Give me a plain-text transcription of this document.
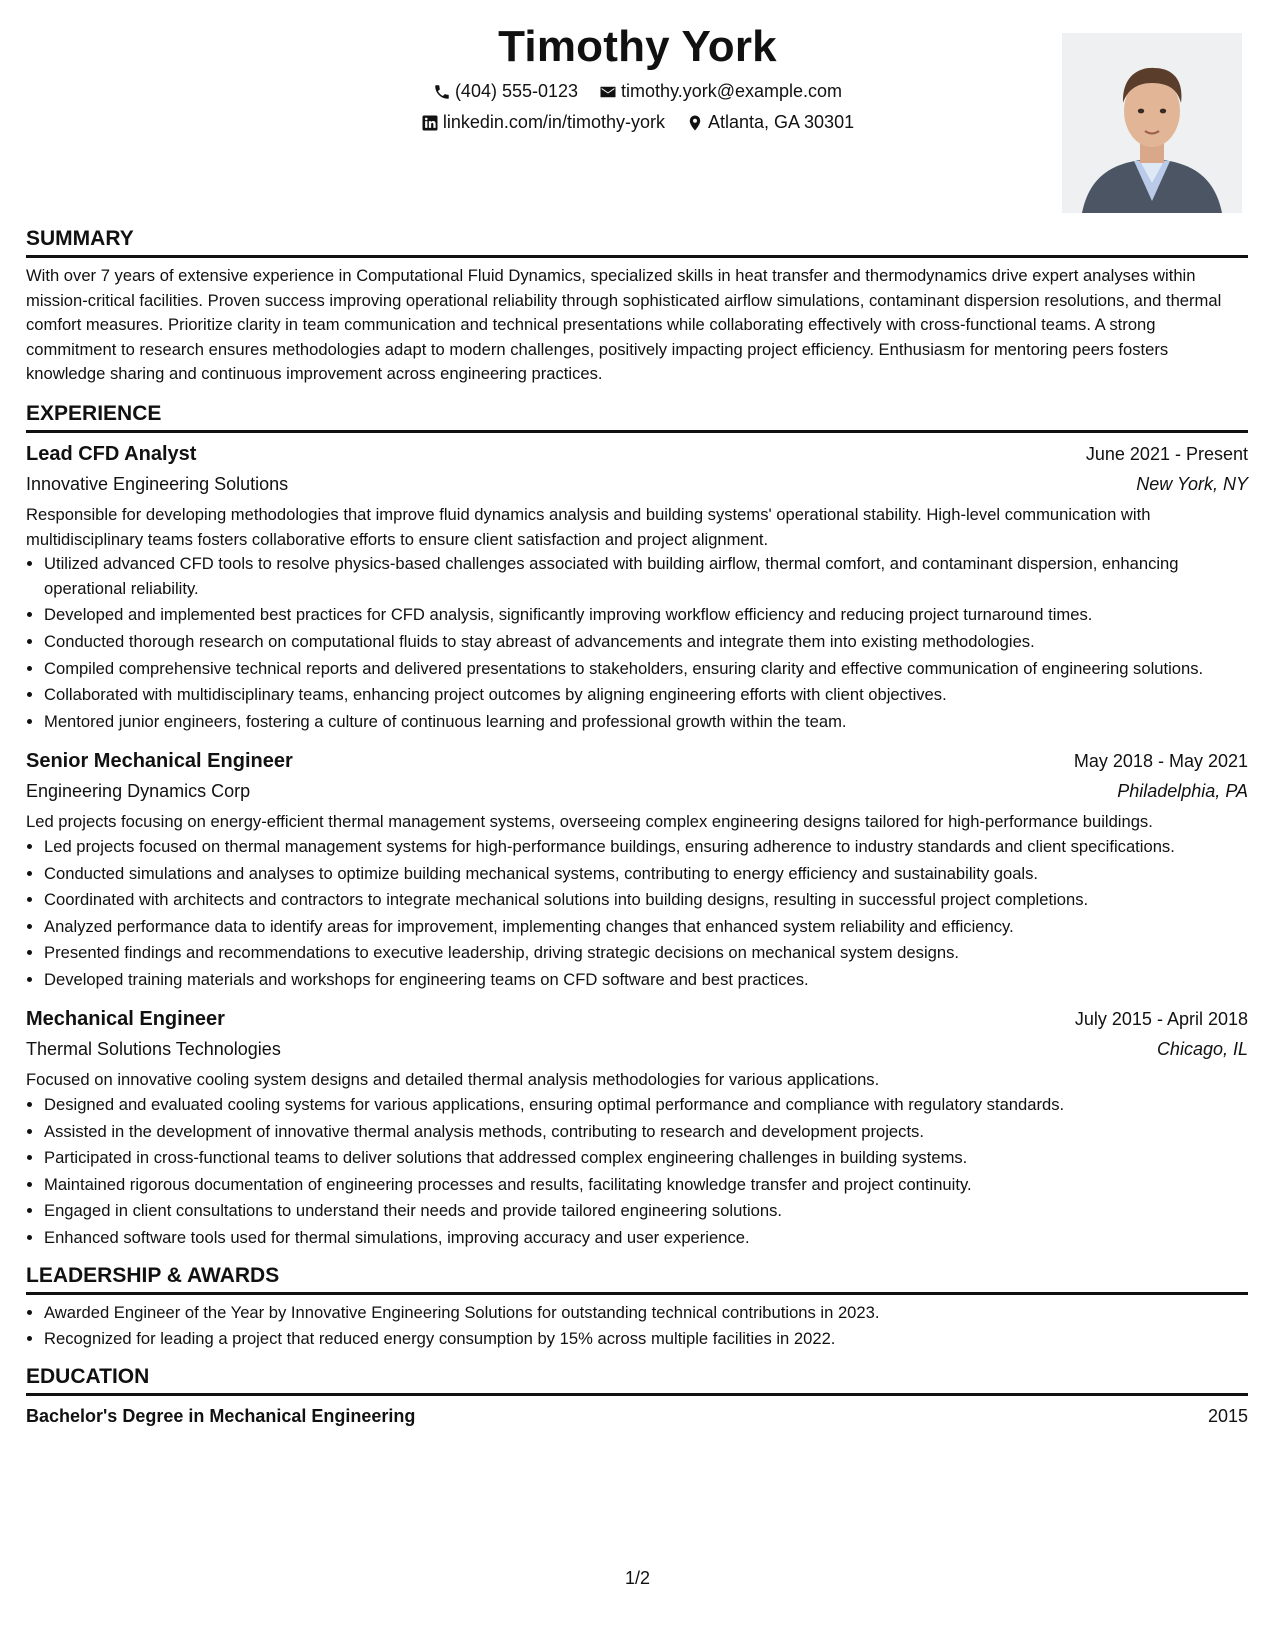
Timothy York
(404) 555-0123
timothy.york@example.com
linkedin.com/in/timothy-york
Atlanta, GA 30301
SUMMARY

With over 7 years of extensive experience in Computational Fluid Dynamics, specialized skills in heat transfer and thermodynamics drive expert analyses within mission-critical facilities. Proven success improving operational reliability through sophisticated airflow simulations, contaminant dispersion resolutions, and thermal comfort measures. Prioritize clarity in team communication and technical presentations while collaborating effectively with cross-functional teams. A strong commitment to research ensures methodologies adapt to modern challenges, positively impacting project efficiency. Enthusiasm for mentoring peers fosters knowledge sharing and continuous improvement across engineering practices.

EXPERIENCE
Lead CFD Analyst	June 2021 - Present
Innovative Engineering Solutions	New York, NY

Responsible for developing methodologies that improve fluid dynamics analysis and building systems' operational stability. High-level communication with multidisciplinary teams fosters collaborative efforts to ensure client satisfaction and project alignment.

• Utilized advanced CFD tools to resolve physics-based challenges associated with building airflow, thermal comfort, and contaminant dispersion, enhancing operational reliability.
• Developed and implemented best practices for CFD analysis, significantly improving workflow efficiency and reducing project turnaround times.
• Conducted thorough research on computational fluids to stay abreast of advancements and integrate them into existing methodologies.
• Compiled comprehensive technical reports and delivered presentations to stakeholders, ensuring clarity and effective communication of engineering solutions.
• Collaborated with multidisciplinary teams, enhancing project outcomes by aligning engineering efforts with client objectives.
• Mentored junior engineers, fostering a culture of continuous learning and professional growth within the team.
Senior Mechanical Engineer	May 2018 - May 2021
Engineering Dynamics Corp	Philadelphia, PA

Led projects focusing on energy-efficient thermal management systems, overseeing complex engineering designs tailored for high-performance buildings.

• Led projects focused on thermal management systems for high-performance buildings, ensuring adherence to industry standards and client specifications.
• Conducted simulations and analyses to optimize building mechanical systems, contributing to energy efficiency and sustainability goals.
• Coordinated with architects and contractors to integrate mechanical solutions into building designs, resulting in successful project completions.
• Analyzed performance data to identify areas for improvement, implementing changes that enhanced system reliability and efficiency.
• Presented findings and recommendations to executive leadership, driving strategic decisions on mechanical system designs.
• Developed training materials and workshops for engineering teams on CFD software and best practices.
Mechanical Engineer	July 2015 - April 2018
Thermal Solutions Technologies	Chicago, IL

Focused on innovative cooling system designs and detailed thermal analysis methodologies for various applications.

• Designed and evaluated cooling systems for various applications, ensuring optimal performance and compliance with regulatory standards.
• Assisted in the development of innovative thermal analysis methods, contributing to research and development projects.
• Participated in cross-functional teams to deliver solutions that addressed complex engineering challenges in building systems.
• Maintained rigorous documentation of engineering processes and results, facilitating knowledge transfer and project continuity.
• Engaged in client consultations to understand their needs and provide tailored engineering solutions.
• Enhanced software tools used for thermal simulations, improving accuracy and user experience.
LEADERSHIP & AWARDS
• Awarded Engineer of the Year by Innovative Engineering Solutions for outstanding technical contributions in 2023.
• Recognized for leading a project that reduced energy consumption by 15% across multiple facilities in 2022.
EDUCATION
Bachelor's Degree in Mechanical Engineering	2015
1/2
